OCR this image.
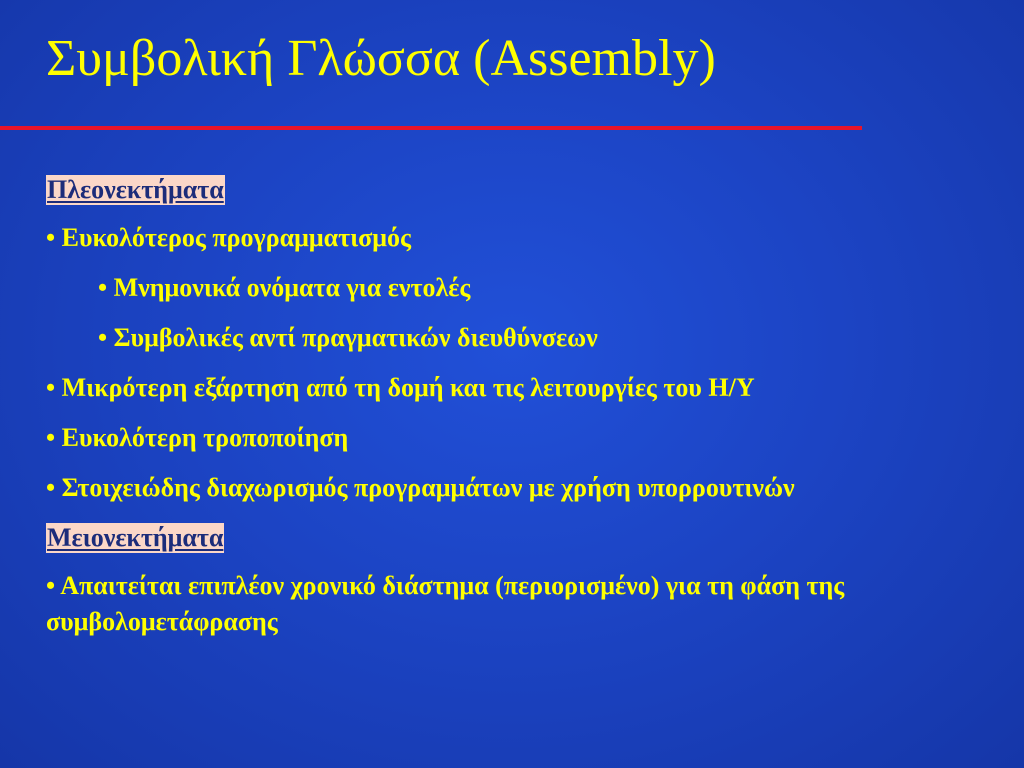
Συμβολική Γλώσσα (Assembly)
Πλεονεκτήματα
• Ευκολότερος προγραμματισμός
• Μνημονικά ονόματα για εντολές
• Συμβολικές αντί πραγματικών διευθύνσεων
• Μικρότερη εξάρτηση από τη δομή και τις λειτουργίες του Η/Υ
• Ευκολότερη τροποποίηση
• Στοιχειώδης διαχωρισμός προγραμμάτων με χρήση υπορρουτινών
Μειονεκτήματα
• Απαιτείται επιπλέον χρονικό διάστημα (περιορισμένο) για τη φάση της συμβολομετάφρασης
